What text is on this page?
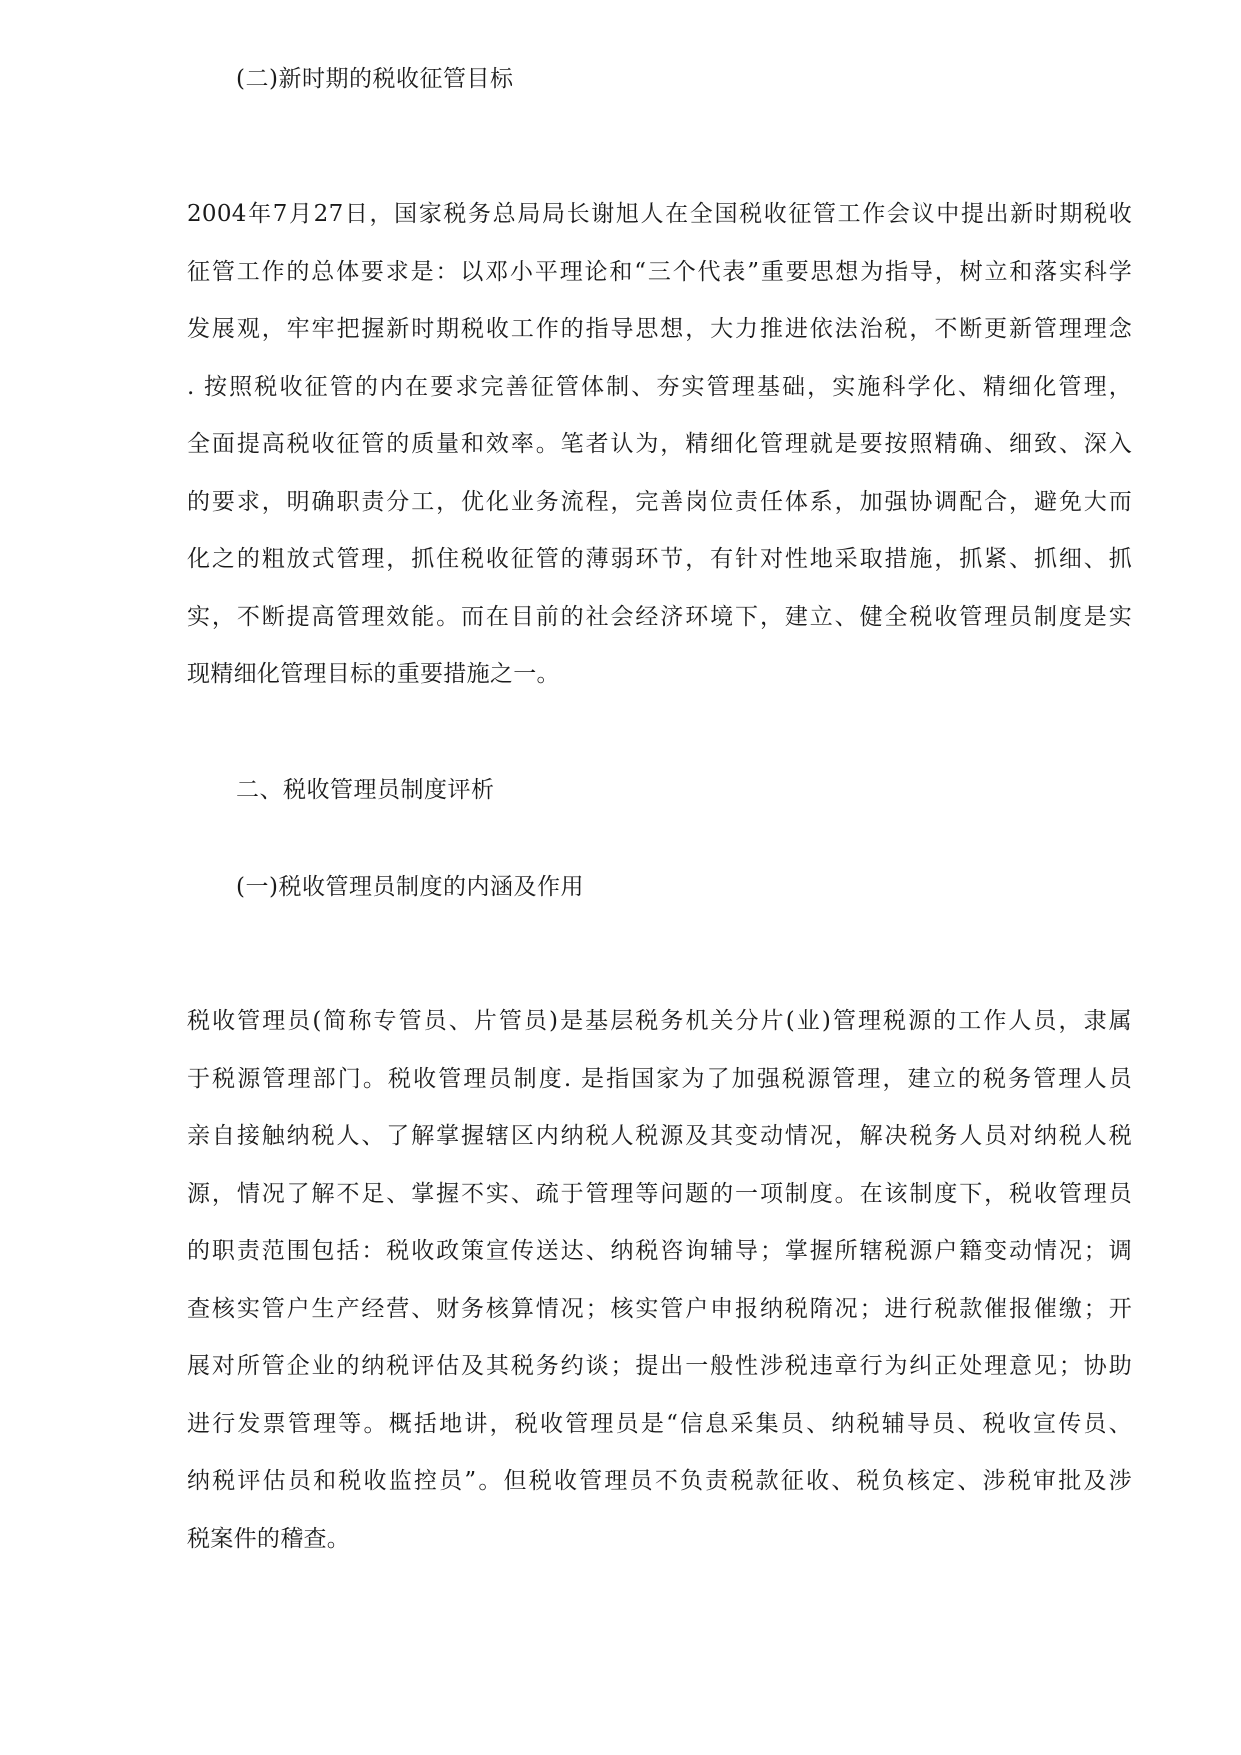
(二)新时期的税收征管目标
2004年7月27日，国家税务总局局长谢旭人在全国税收征管工作会议中提出新时期税收
征管工作的总体要求是：以邓小平理论和“三个代表”重要思想为指导，树立和落实科学
发展观，牢牢把握新时期税收工作的指导思想，大力推进依法治税，不断更新管理理念
. 按照税收征管的内在要求完善征管体制、夯实管理基础，实施科学化、精细化管理，
全面提高税收征管的质量和效率。笔者认为，精细化管理就是要按照精确、细致、深入
的要求，明确职责分工，优化业务流程，完善岗位责任体系，加强协调配合，避免大而
化之的粗放式管理，抓住税收征管的薄弱环节，有针对性地采取措施，抓紧、抓细、抓
实，不断提高管理效能。而在目前的社会经济环境下，建立、健全税收管理员制度是实
现精细化管理目标的重要措施之一。
二、税收管理员制度评析
(一)税收管理员制度的内涵及作用
税收管理员(简称专管员、片管员)是基层税务机关分片(业)管理税源的工作人员，隶属
于税源管理部门。税收管理员制度. 是指国家为了加强税源管理，建立的税务管理人员
亲自接触纳税人、了解掌握辖区内纳税人税源及其变动情况，解决税务人员对纳税人税
源，情况了解不足、掌握不实、疏于管理等问题的一项制度。在该制度下，税收管理员
的职责范围包括：税收政策宣传送达、纳税咨询辅导；掌握所辖税源户籍变动情况；调
查核实管户生产经营、财务核算情况；核实管户申报纳税隋况；进行税款催报催缴；开
展对所管企业的纳税评估及其税务约谈；提出一般性涉税违章行为纠正处理意见；协助
进行发票管理等。概括地讲，税收管理员是“信息采集员、纳税辅导员、税收宣传员、
纳税评估员和税收监控员”。但税收管理员不负责税款征收、税负核定、涉税审批及涉
税案件的稽查。
